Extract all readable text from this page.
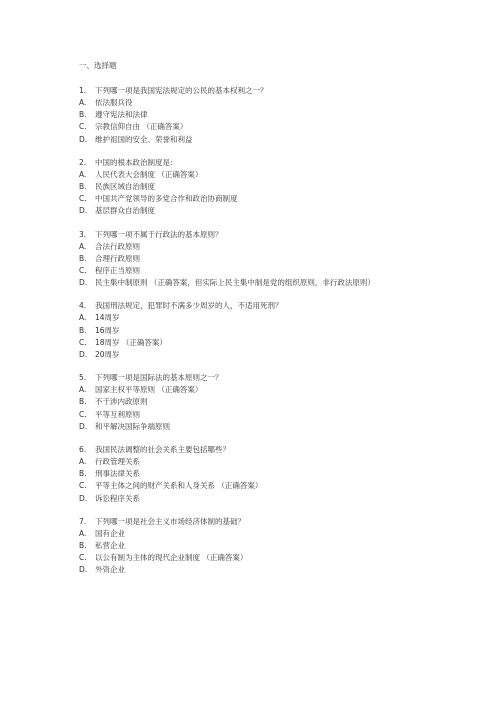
一、选择题
1.	下列哪一项是我国宪法规定的公民的基本权利之一？
A.	依法服兵役
B.	遵守宪法和法律
C.	宗教信仰自由 （正确答案）
D.	维护祖国的安全、荣誉和利益
2.	中国的根本政治制度是：
A.	人民代表大会制度 （正确答案）
B.	民族区域自治制度
C.	中国共产党领导的多党合作和政治协商制度
D.	基层群众自治制度
3.	下列哪一项不属于行政法的基本原则？
A.	合法行政原则
B.	合理行政原则
C.	程序正当原则
D.	民主集中制原则 （正确答案，但实际上民主集中制是党的组织原则，非行政法原则）
4.	我国刑法规定，犯罪时不满多少周岁的人，不适用死刑？
A.	14周岁
B.	16周岁
C.	18周岁 （正确答案）
D.	20周岁
5.	下列哪一项是国际法的基本原则之一？
A.	国家主权平等原则 （正确答案）
B.	不干涉内政原则
C.	平等互利原则
D.	和平解决国际争端原则
6.	我国民法调整的社会关系主要包括哪些？
A.	行政管理关系
B.	刑事法律关系
C.	平等主体之间的财产关系和人身关系 （正确答案）
D.	诉讼程序关系
7.	下列哪一项是社会主义市场经济体制的基础？
A.	国有企业
B.	私营企业
C.	以公有制为主体的现代企业制度 （正确答案）
D.	外资企业
